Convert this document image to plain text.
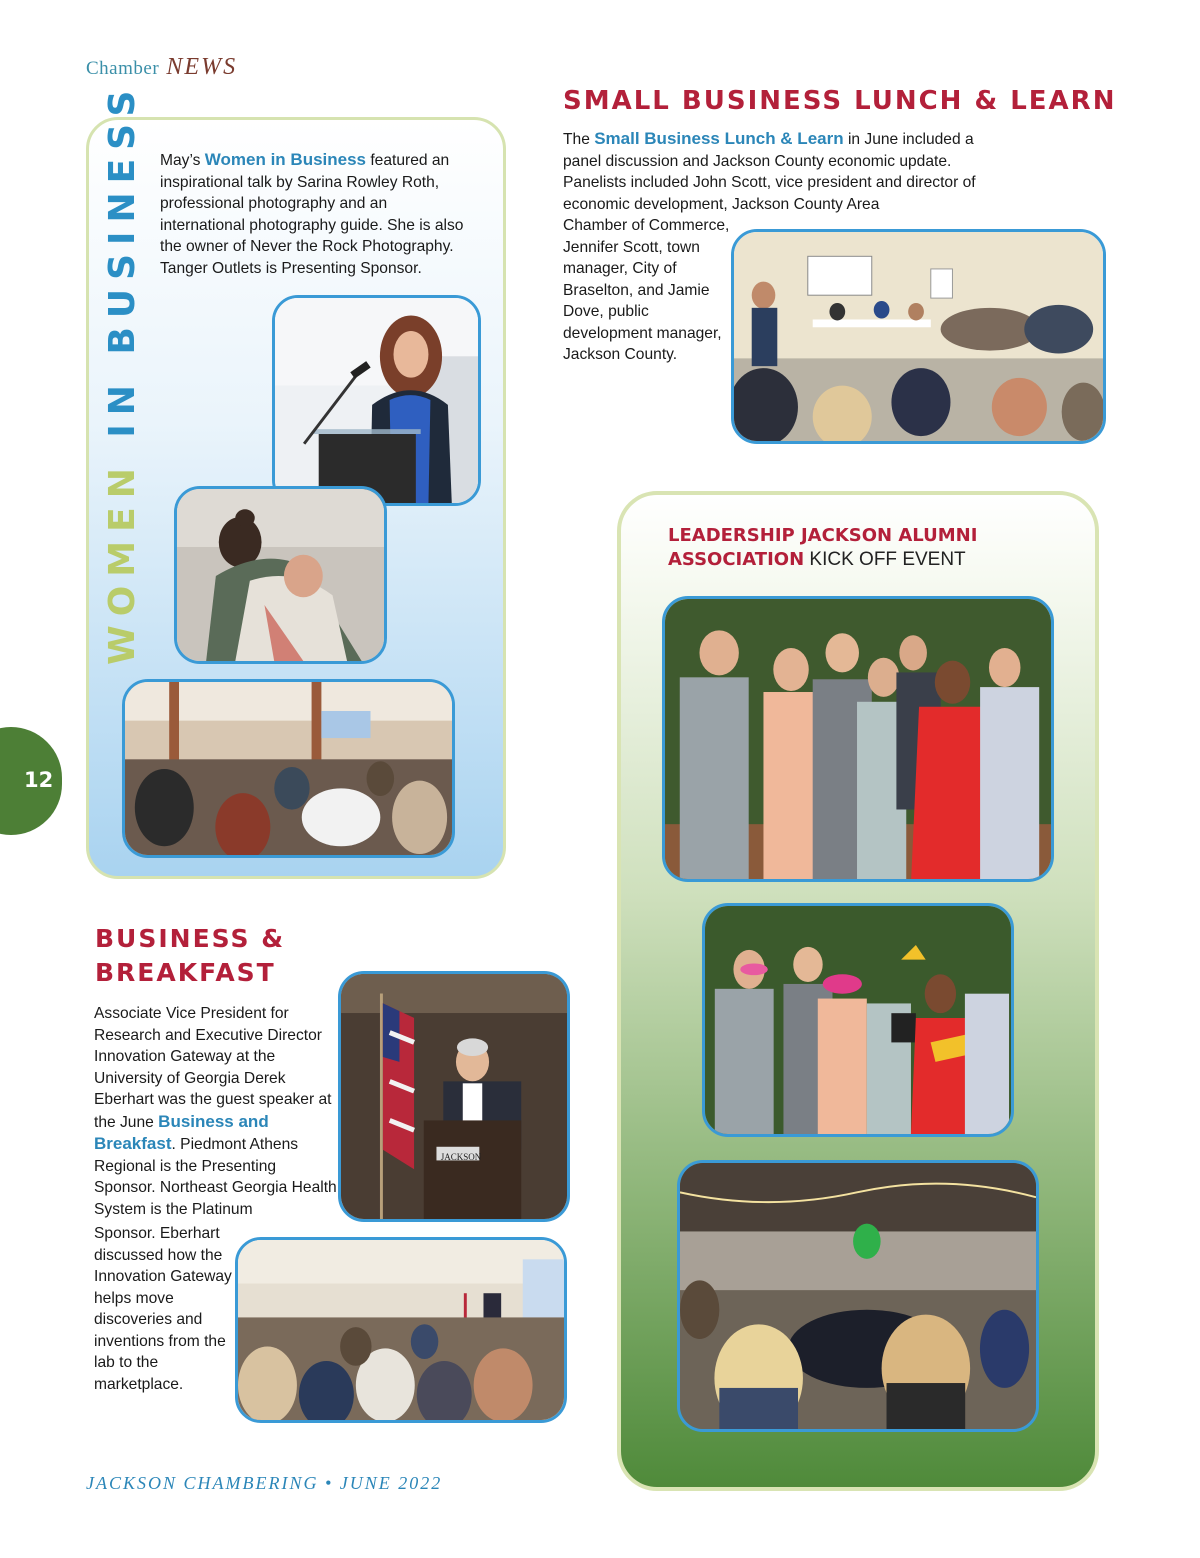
Chamber NEWS
WOMEN IN BUSINESS May’s Women in Business featured an inspirational talk by Sarina Rowley Roth, professional photography and an international photography guide. She is also the owner of Never the Rock Photography. Tanger Outlets is Presenting Sponsor.
SMALL BUSINESS LUNCH & LEARN
The Small Business Lunch & Learn in June included a panel discussion and Jackson County economic update. Panelists included John Scott, vice president and director of economic development, Jackson County Area
Chamber of Commerce, Jennifer Scott, town manager, City of Braselton, and Jamie Dove, public development manager, Jackson County.
LEADERSHIP JACKSON ALUMNI ASSOCIATION KICK OFF EVENT
BUSINESS & BREAKFAST
Associate Vice President for Research and Executive Director Innovation Gateway at the University of Georgia Derek Eberhart was the guest speaker at the June Business and Breakfast. Piedmont Athens Regional is the Presenting Sponsor. Northeast Georgia Health System is the Platinum
Sponsor. Eberhart discussed how the Innovation Gateway helps move discoveries and inventions from the lab to the marketplace.
JACKSON
12
JACKSON CHAMBERING • JUNE 2022
